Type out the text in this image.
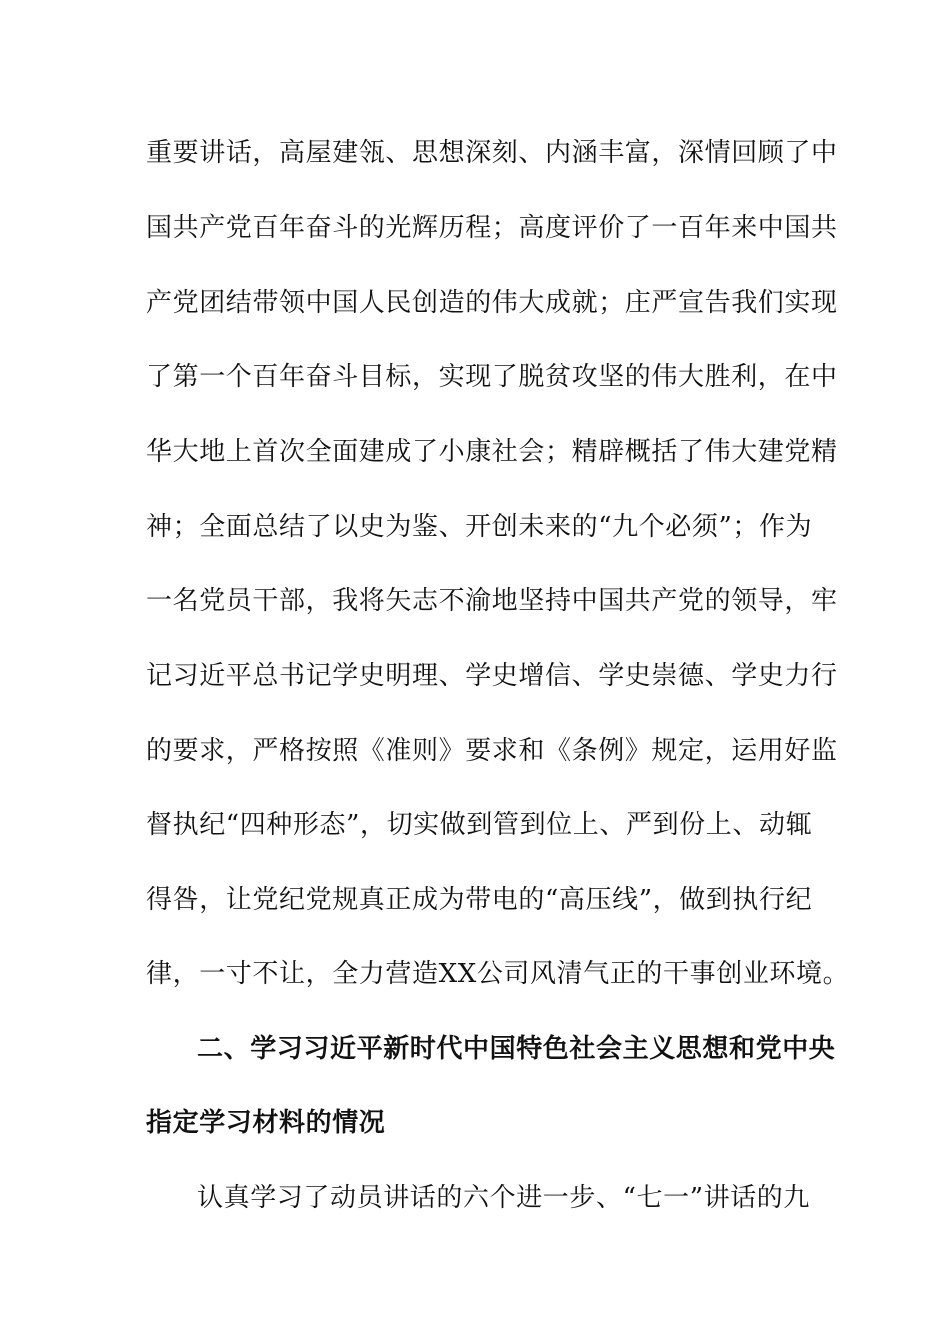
重要讲话，高屋建瓴、思想深刻、内涵丰富，深情回顾了中
国共产党百年奋斗的光辉历程；高度评价了一百年来中国共
产党团结带领中国人民创造的伟大成就；庄严宣告我们实现
了第一个百年奋斗目标，实现了脱贫攻坚的伟大胜利，在中
华大地上首次全面建成了小康社会；精辟概括了伟大建党精
神；全面总结了以史为鉴、开创未来的“九个必须”；作为
一名党员干部，我将矢志不渝地坚持中国共产党的领导，牢
记习近平总书记学史明理、学史增信、学史崇德、学史力行
的要求，严格按照《准则》要求和《条例》规定，运用好监
督执纪“四种形态”，切实做到管到位上、严到份上、动辄
得咎，让党纪党规真正成为带电的“高压线”，做到执行纪
律，一寸不让，全力营造XX公司风清气正的干事创业环境。
二、学习习近平新时代中国特色社会主义思想和党中央
指定学习材料的情况
认真学习了动员讲话的六个进一步、“七一”讲话的九
